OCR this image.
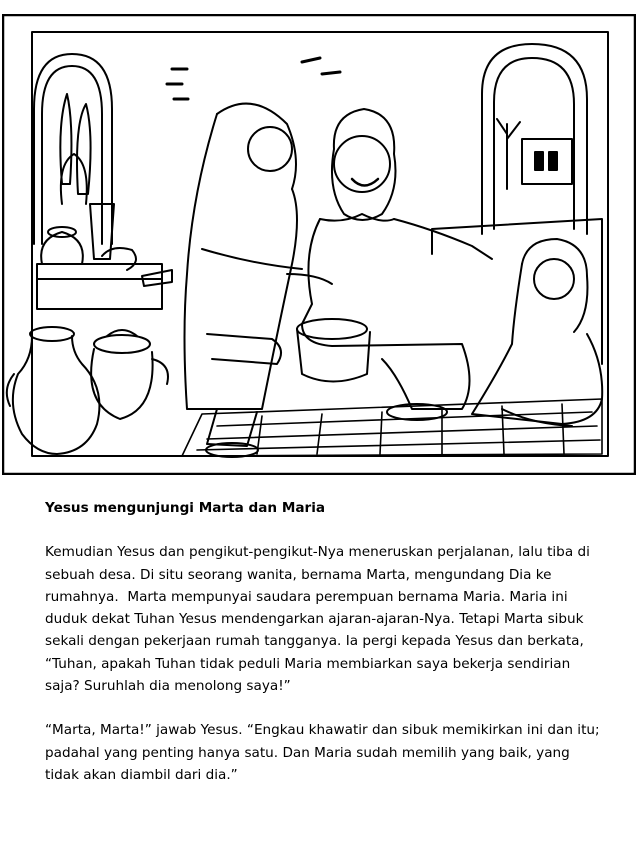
Yesus mengunjungi Marta dan Maria
Kemudian Yesus dan pengikut-pengikut-Nya meneruskan perjalanan, lalu tiba di sebuah desa. Di situ seorang wanita, bernama Marta, mengundang Dia ke rumahnya.  Marta mempunyai saudara perempuan bernama Maria. Maria ini duduk dekat Tuhan Yesus mendengarkan ajaran-ajaran-Nya. Tetapi Marta sibuk sekali dengan pekerjaan rumah tangganya. Ia pergi kepada Yesus dan berkata, “Tuhan, apakah Tuhan tidak peduli Maria membiarkan saya bekerja sendirian saja? Suruhlah dia menolong saya!”
“Marta, Marta!” jawab Yesus. “Engkau khawatir dan sibuk memikirkan ini dan itu; padahal yang penting hanya satu. Dan Maria sudah memilih yang baik, yang tidak akan diambil dari dia.”
